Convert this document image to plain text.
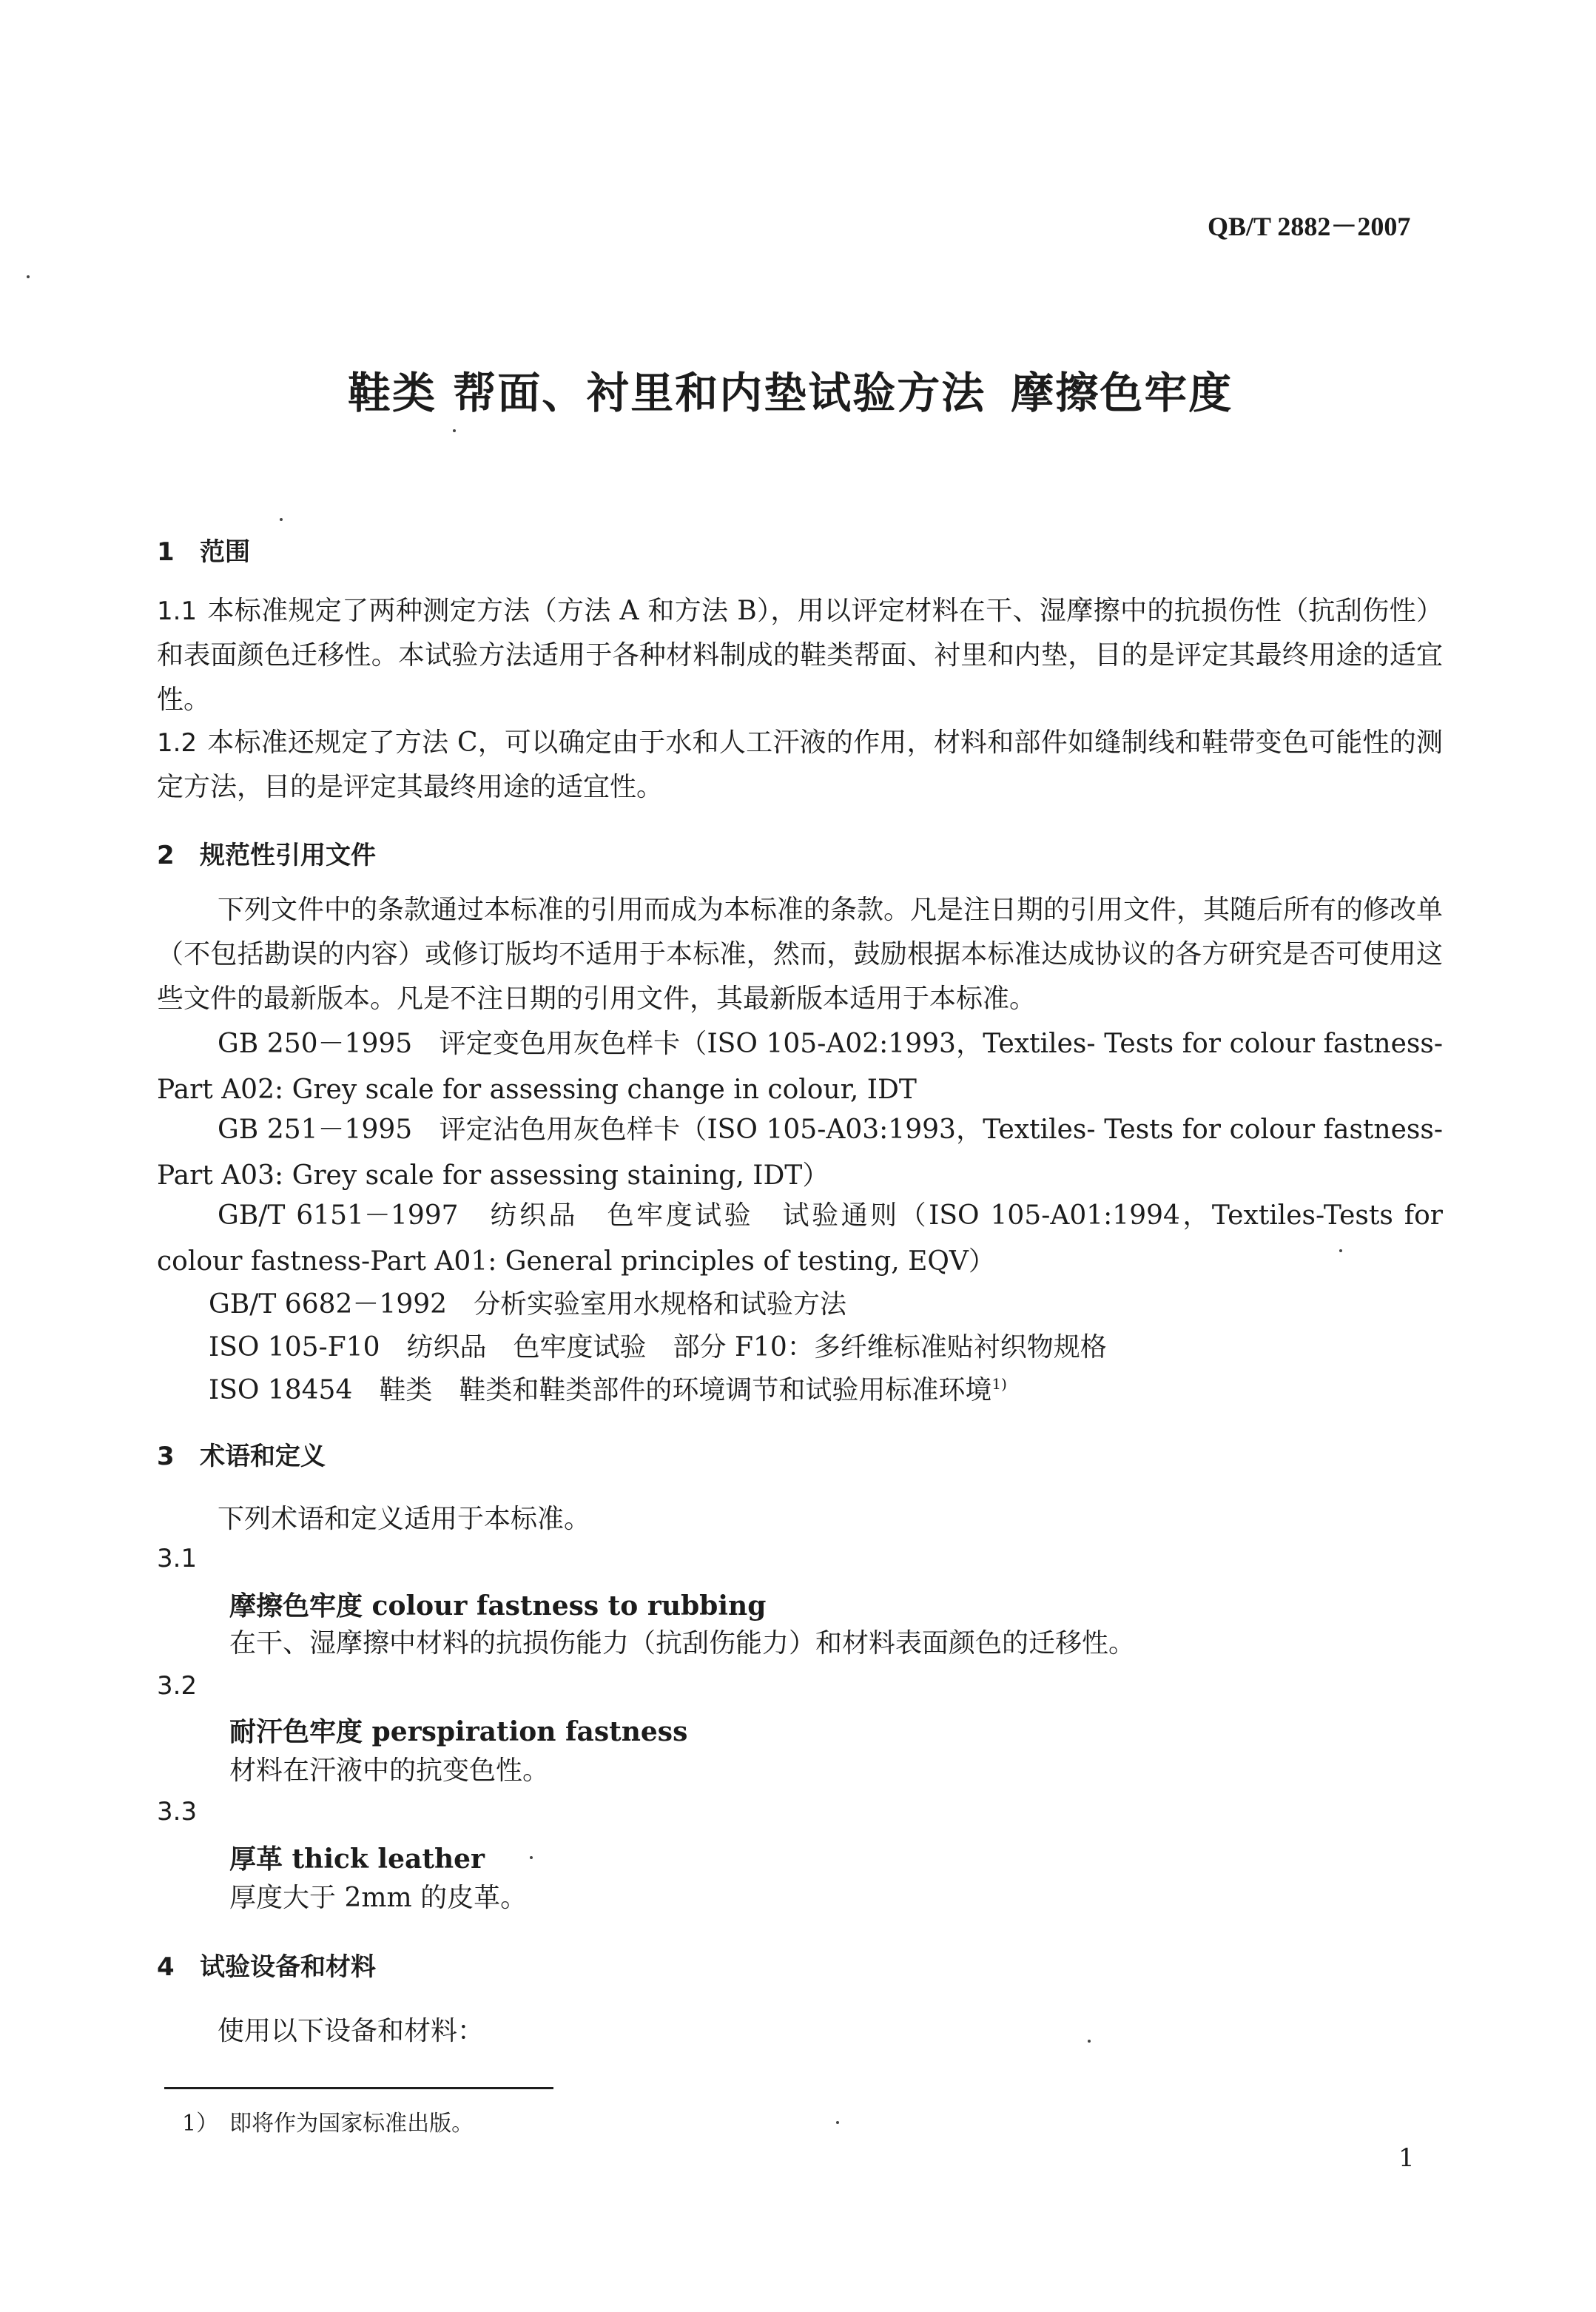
QB/T 2882－2007
鞋类 帮面、衬里和内垫试验方法 摩擦色牢度
1 范围
1.1 本标准规定了两种测定方法（方法 A 和方法 B），用以评定材料在干、湿摩擦中的抗损伤性（抗刮伤性）和表面颜色迁移性。本试验方法适用于各种材料制成的鞋类帮面、衬里和内垫，目的是评定其最终用途的适宜性。
1.2 本标准还规定了方法 C，可以确定由于水和人工汗液的作用，材料和部件如缝制线和鞋带变色可能性的测定方法，目的是评定其最终用途的适宜性。
2 规范性引用文件
下列文件中的条款通过本标准的引用而成为本标准的条款。凡是注日期的引用文件，其随后所有的修改单（不包括勘误的内容）或修订版均不适用于本标准，然而，鼓励根据本标准达成协议的各方研究是否可使用这些文件的最新版本。凡是不注日期的引用文件，其最新版本适用于本标准。
GB 250－1995　评定变色用灰色样卡（ISO 105-A02:1993，Textiles- Tests for colour fastness- Part A02: Grey scale for assessing change in colour, IDT
GB 251－1995　评定沾色用灰色样卡（ISO 105-A03:1993，Textiles- Tests for colour fastness- Part A03: Grey scale for assessing staining, IDT）
GB/T 6151－1997　纺织品　色牢度试验　试验通则（ISO 105-A01:1994，Textiles-Tests for colour fastness-Part A01: General principles of testing, EQV）
GB/T 6682－1992　分析实验室用水规格和试验方法
ISO 105-F10　纺织品　色牢度试验　部分 F10：多纤维标准贴衬织物规格
ISO 18454　鞋类　鞋类和鞋类部件的环境调节和试验用标准环境$^{1)}$
3 术语和定义
下列术语和定义适用于本标准。
3.1
摩擦色牢度 colour fastness to rubbing
在干、湿摩擦中材料的抗损伤能力（抗刮伤能力）和材料表面颜色的迁移性。
3.2
耐汗色牢度 perspiration fastness
材料在汗液中的抗变色性。
3.3
厚革 thick leather
厚度大于 2mm 的皮革。
4 试验设备和材料
使用以下设备和材料：
1）　即将作为国家标准出版。
1
